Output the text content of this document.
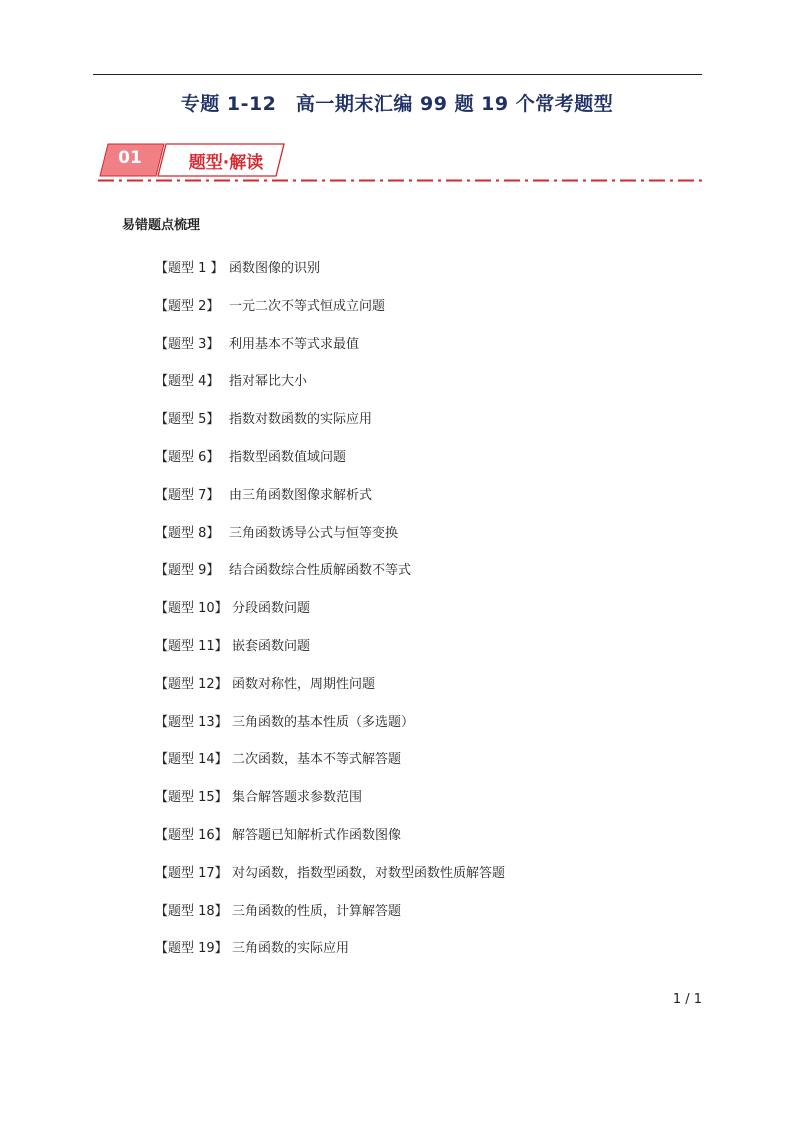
专题 1-12　高一期末汇编 99 题 19 个常考题型
01	题型·解读
易错题点梳理
【题型 1 】 函数图像的识别
【题型 2】 一元二次不等式恒成立问题
【题型 3】 利用基本不等式求最值
【题型 4】 指对幂比大小
【题型 5】 指数对数函数的实际应用
【题型 6】 指数型函数值域问题
【题型 7】 由三角函数图像求解析式
【题型 8】 三角函数诱导公式与恒等变换
【题型 9】 结合函数综合性质解函数不等式
【题型 10】 分段函数问题
【题型 11】 嵌套函数问题
【题型 12】 函数对称性，周期性问题
【题型 13】 三角函数的基本性质（多选题）
【题型 14】 二次函数，基本不等式解答题
【题型 15】 集合解答题求参数范围
【题型 16】 解答题已知解析式作函数图像
【题型 17】 对勾函数，指数型函数，对数型函数性质解答题
【题型 18】 三角函数的性质，计算解答题
【题型 19】 三角函数的实际应用
1 / 1
